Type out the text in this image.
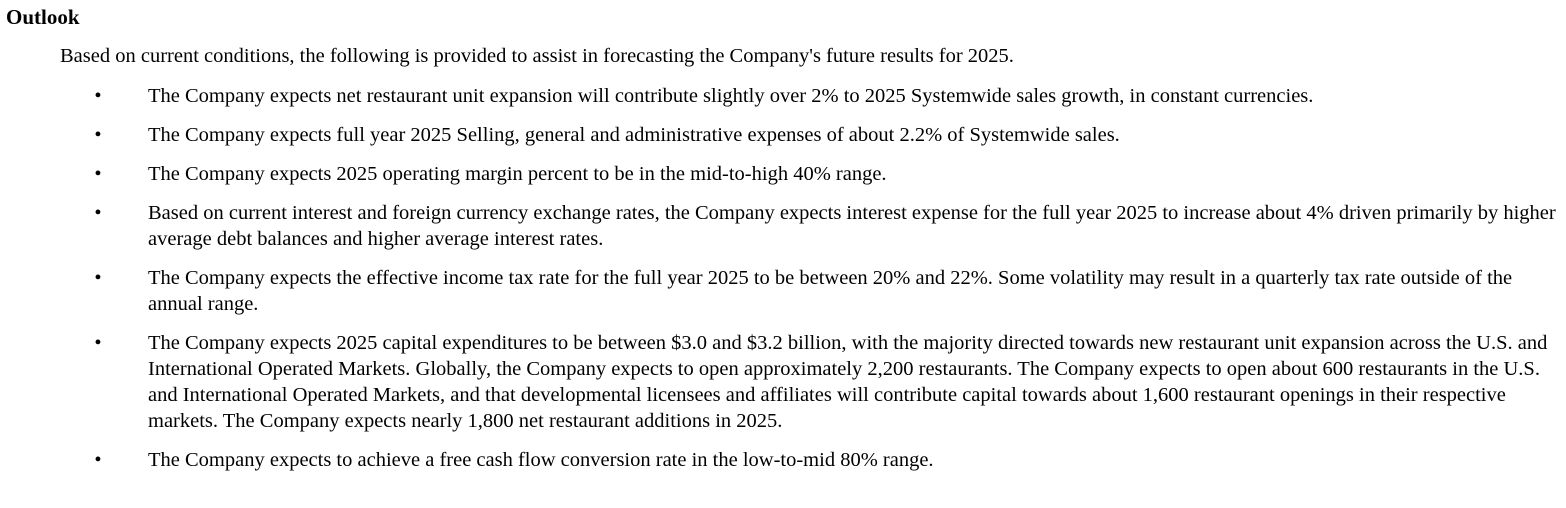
Outlook
Based on current conditions, the following is provided to assist in forecasting the Company's future results for 2025.
• The Company expects net restaurant unit expansion will contribute slightly over 2% to 2025 Systemwide sales growth, in constant currencies.
• The Company expects full year 2025 Selling, general and administrative expenses of about 2.2% of Systemwide sales.
• The Company expects 2025 operating margin percent to be in the mid-to-high 40% range.
• Based on current interest and foreign currency exchange rates, the Company expects interest expense for the full year 2025 to increase about 4% driven primarily by higher average debt balances and higher average interest rates.
• The Company expects the effective income tax rate for the full year 2025 to be between 20% and 22%. Some volatility may result in a quarterly tax rate outside of the annual range.
• The Company expects 2025 capital expenditures to be between $3.0 and $3.2 billion, with the majority directed towards new restaurant unit expansion across the U.S. and International Operated Markets. Globally, the Company expects to open approximately 2,200 restaurants. The Company expects to open about 600 restaurants in the U.S. and International Operated Markets, and that developmental licensees and affiliates will contribute capital towards about 1,600 restaurant openings in their respective markets. The Company expects nearly 1,800 net restaurant additions in 2025.
• The Company expects to achieve a free cash flow conversion rate in the low-to-mid 80% range.
